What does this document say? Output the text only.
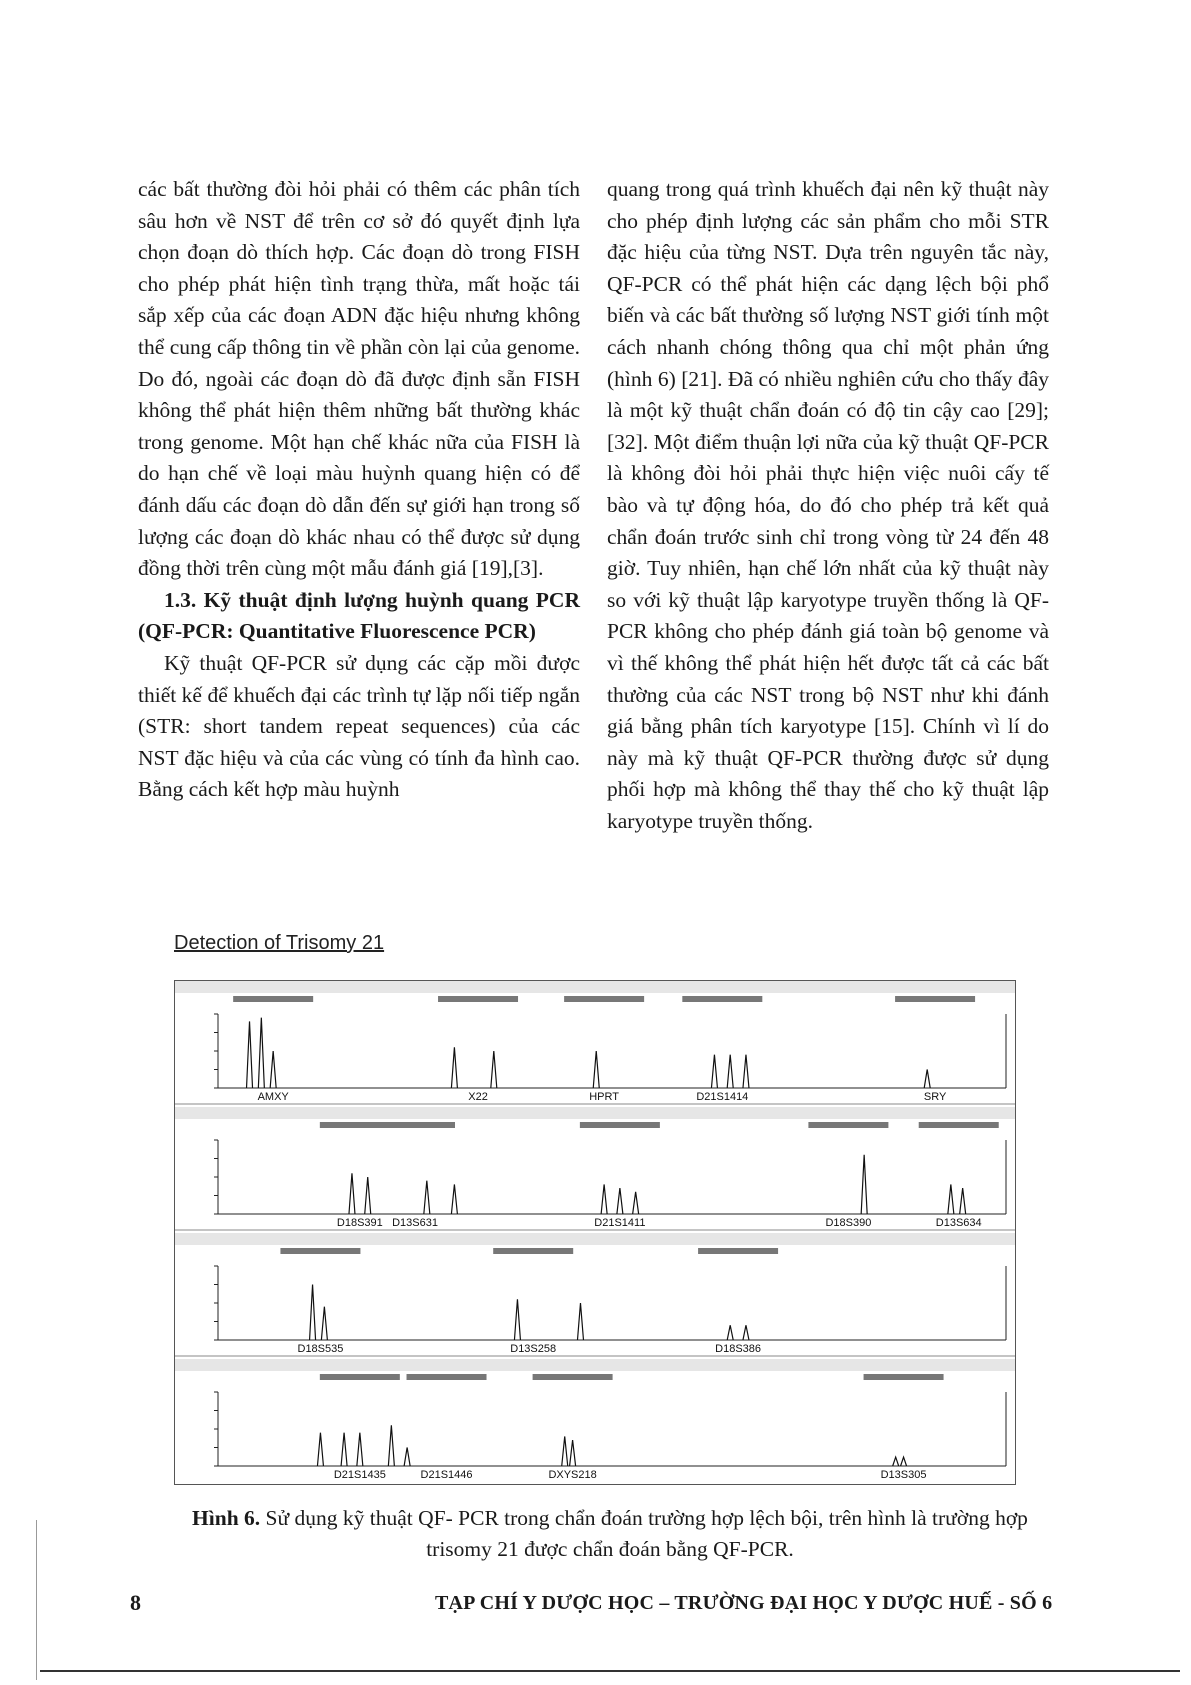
các bất thường đòi hỏi phải có thêm các phân tích sâu hơn về NST để trên cơ sở đó quyết định lựa chọn đoạn dò thích hợp. Các đoạn dò trong FISH cho phép phát hiện tình trạng thừa, mất hoặc tái sắp xếp của các đoạn ADN đặc hiệu nhưng không thể cung cấp thông tin về phần còn lại của genome. Do đó, ngoài các đoạn dò đã được định sẵn FISH không thể phát hiện thêm những bất thường khác trong genome. Một hạn chế khác nữa của FISH là do hạn chế về loại màu huỳnh quang hiện có để đánh dấu các đoạn dò dẫn đến sự giới hạn trong số lượng các đoạn dò khác nhau có thể được sử dụng đồng thời trên cùng một mẫu đánh giá [19],[3].

1.3. Kỹ thuật định lượng huỳnh quang PCR (QF-PCR: Quantitative Fluorescence PCR)

Kỹ thuật QF-PCR sử dụng các cặp mồi được thiết kế để khuếch đại các trình tự lặp nối tiếp ngắn (STR: short tandem repeat sequences) của các NST đặc hiệu và của các vùng có tính đa hình cao. Bằng cách kết hợp màu huỳnh

quang trong quá trình khuếch đại nên kỹ thuật này cho phép định lượng các sản phẩm cho mỗi STR đặc hiệu của từng NST. Dựa trên nguyên tắc này, QF-PCR có thể phát hiện các dạng lệch bội phổ biến và các bất thường số lượng NST giới tính một cách nhanh chóng thông qua chỉ một phản ứng (hình 6) [21]. Đã có nhiều nghiên cứu cho thấy đây là một kỹ thuật chẩn đoán có độ tin cậy cao [29]; [32]. Một điểm thuận lợi nữa của kỹ thuật QF-PCR là không đòi hỏi phải thực hiện việc nuôi cấy tế bào và tự động hóa, do đó cho phép trả kết quả chẩn đoán trước sinh chỉ trong vòng từ 24 đến 48 giờ. Tuy nhiên, hạn chế lớn nhất của kỹ thuật này so với kỹ thuật lập karyotype truyền thống là QF-PCR không cho phép đánh giá toàn bộ genome và vì thế không thể phát hiện hết được tất cả các bất thường của các NST trong bộ NST như khi đánh giá bằng phân tích karyotype [15]. Chính vì lí do này mà kỹ thuật QF-PCR thường được sử dụng phối hợp mà không thể thay thế cho kỹ thuật lập karyotype truyền thống.

Detection of Trisomy 21
AMXY	X22	HPRT	D21S1414	SRY
D18S391 D13S631	D21S1411	D18S390	D13S634
D18S535	D13S258	D18S386
D21S1435	D21S1446	DXYS218	D13S305
Hình 6. Sử dụng kỹ thuật QF- PCR trong chẩn đoán trường hợp lệch bội, trên hình là trường hợp trisomy 21 được chẩn đoán bằng QF-PCR.
8	TẠP CHÍ Y DƯỢC HỌC – TRƯỜNG ĐẠI HỌC Y DƯỢC HUẾ - SỐ 6
